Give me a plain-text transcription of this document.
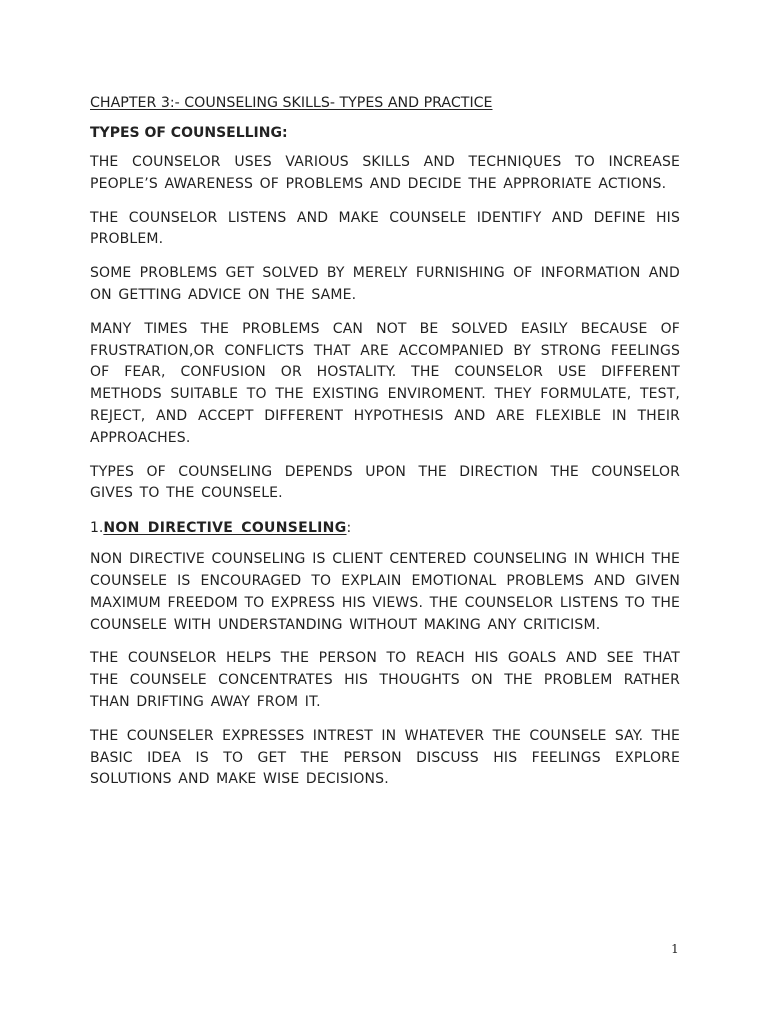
CHAPTER 3:- COUNSELING SKILLS- TYPES AND PRACTICE
TYPES OF COUNSELLING:

THE COUNSELOR USES VARIOUS SKILLS AND TECHNIQUES TO INCREASE PEOPLE’S AWARENESS OF PROBLEMS AND DECIDE THE APPRORIATE ACTIONS.

THE COUNSELOR LISTENS AND MAKE COUNSELE IDENTIFY AND DEFINE HIS PROBLEM.

SOME PROBLEMS GET SOLVED BY MERELY FURNISHING OF INFORMATION AND ON GETTING ADVICE ON THE SAME.

MANY TIMES THE PROBLEMS CAN NOT BE SOLVED EASILY BECAUSE OF FRUSTRATION,OR CONFLICTS THAT ARE ACCOMPANIED BY STRONG FEELINGS OF FEAR, CONFUSION OR HOSTALITY. THE COUNSELOR USE DIFFERENT METHODS SUITABLE TO THE EXISTING ENVIROMENT. THEY FORMULATE, TEST, REJECT, AND ACCEPT DIFFERENT HYPOTHESIS AND ARE FLEXIBLE IN THEIR APPROACHES.

TYPES OF COUNSELING DEPENDS UPON THE DIRECTION THE COUNSELOR GIVES TO THE COUNSELE.

1.NON DIRECTIVE COUNSELING:

NON DIRECTIVE COUNSELING IS CLIENT CENTERED COUNSELING IN WHICH THE COUNSELE IS ENCOURAGED TO EXPLAIN EMOTIONAL PROBLEMS AND GIVEN MAXIMUM FREEDOM TO EXPRESS HIS VIEWS. THE COUNSELOR LISTENS TO THE COUNSELE WITH UNDERSTANDING WITHOUT MAKING ANY CRITICISM.

THE COUNSELOR HELPS THE PERSON TO REACH HIS GOALS AND SEE THAT THE COUNSELE CONCENTRATES HIS THOUGHTS ON THE PROBLEM RATHER THAN DRIFTING AWAY FROM IT.

THE COUNSELER EXPRESSES INTREST IN WHATEVER THE COUNSELE SAY. THE BASIC IDEA IS TO GET THE PERSON DISCUSS HIS FEELINGS EXPLORE SOLUTIONS AND MAKE WISE DECISIONS.

1
